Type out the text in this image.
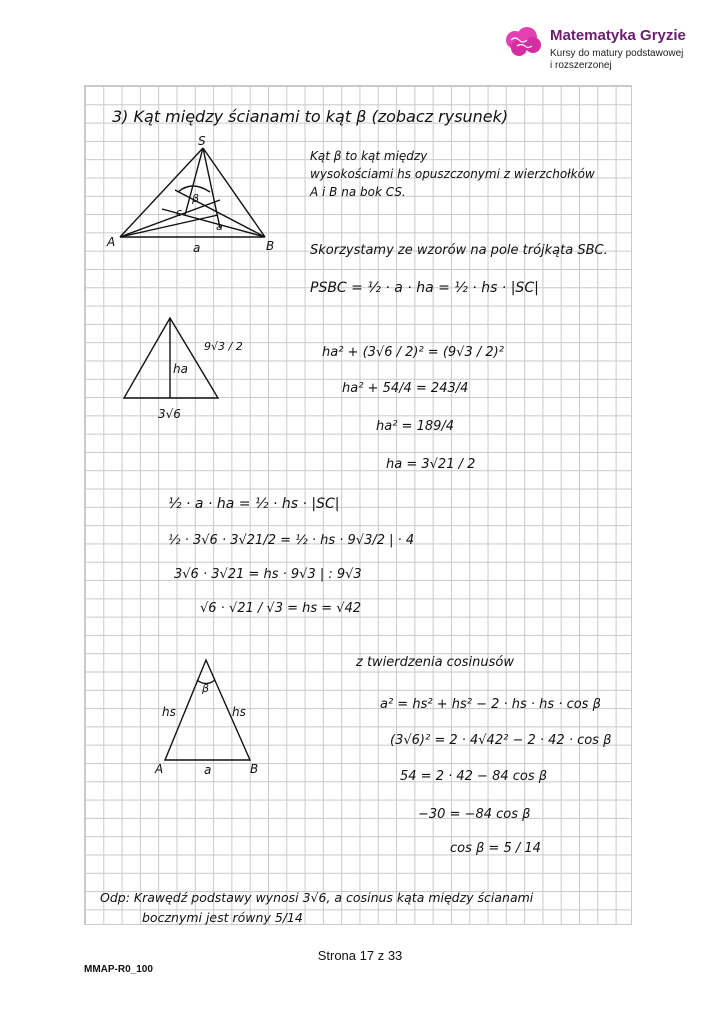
Matematyka Gryzie
Kursy do matury podstawowej
i rozszerzonej
3) Kąt między ścianami to kąt β (zobacz rysunek)
S
A	B
c
a
a
β
Kąt β to kąt między
wysokościami hs opuszczonymi z wierzchołków
A i B na bok CS.
Skorzystamy ze wzorów na pole trójkąta SBC.
PSBC = ½ · a · ha = ½ · hs · |SC|
9√3 / 2
ha
3√6
ha² + (3√6 / 2)² = (9√3 / 2)²
ha² + 54/4 = 243/4
ha² = 189/4
ha = 3√21 / 2
½ · a · ha = ½ · hs · |SC|
½ · 3√6 · 3√21/2 = ½ · hs · 9√3/2 | · 4
3√6 · 3√21 = hs · 9√3 | : 9√3
√6 · √21 / √3 = hs = √42
β
hs	hs
A	a	B
z twierdzenia cosinusów
a² = hs² + hs² − 2 · hs · hs · cos β
(3√6)² = 2 · 4√42² − 2 · 42 · cos β
54 = 2 · 42 − 84 cos β
−30 = −84 cos β
cos β = 5 / 14
Odp: Krawędź podstawy wynosi 3√6, a cosinus kąta między ścianami
bocznymi jest równy 5/14
Strona 17 z 33
MMAP-R0_100
